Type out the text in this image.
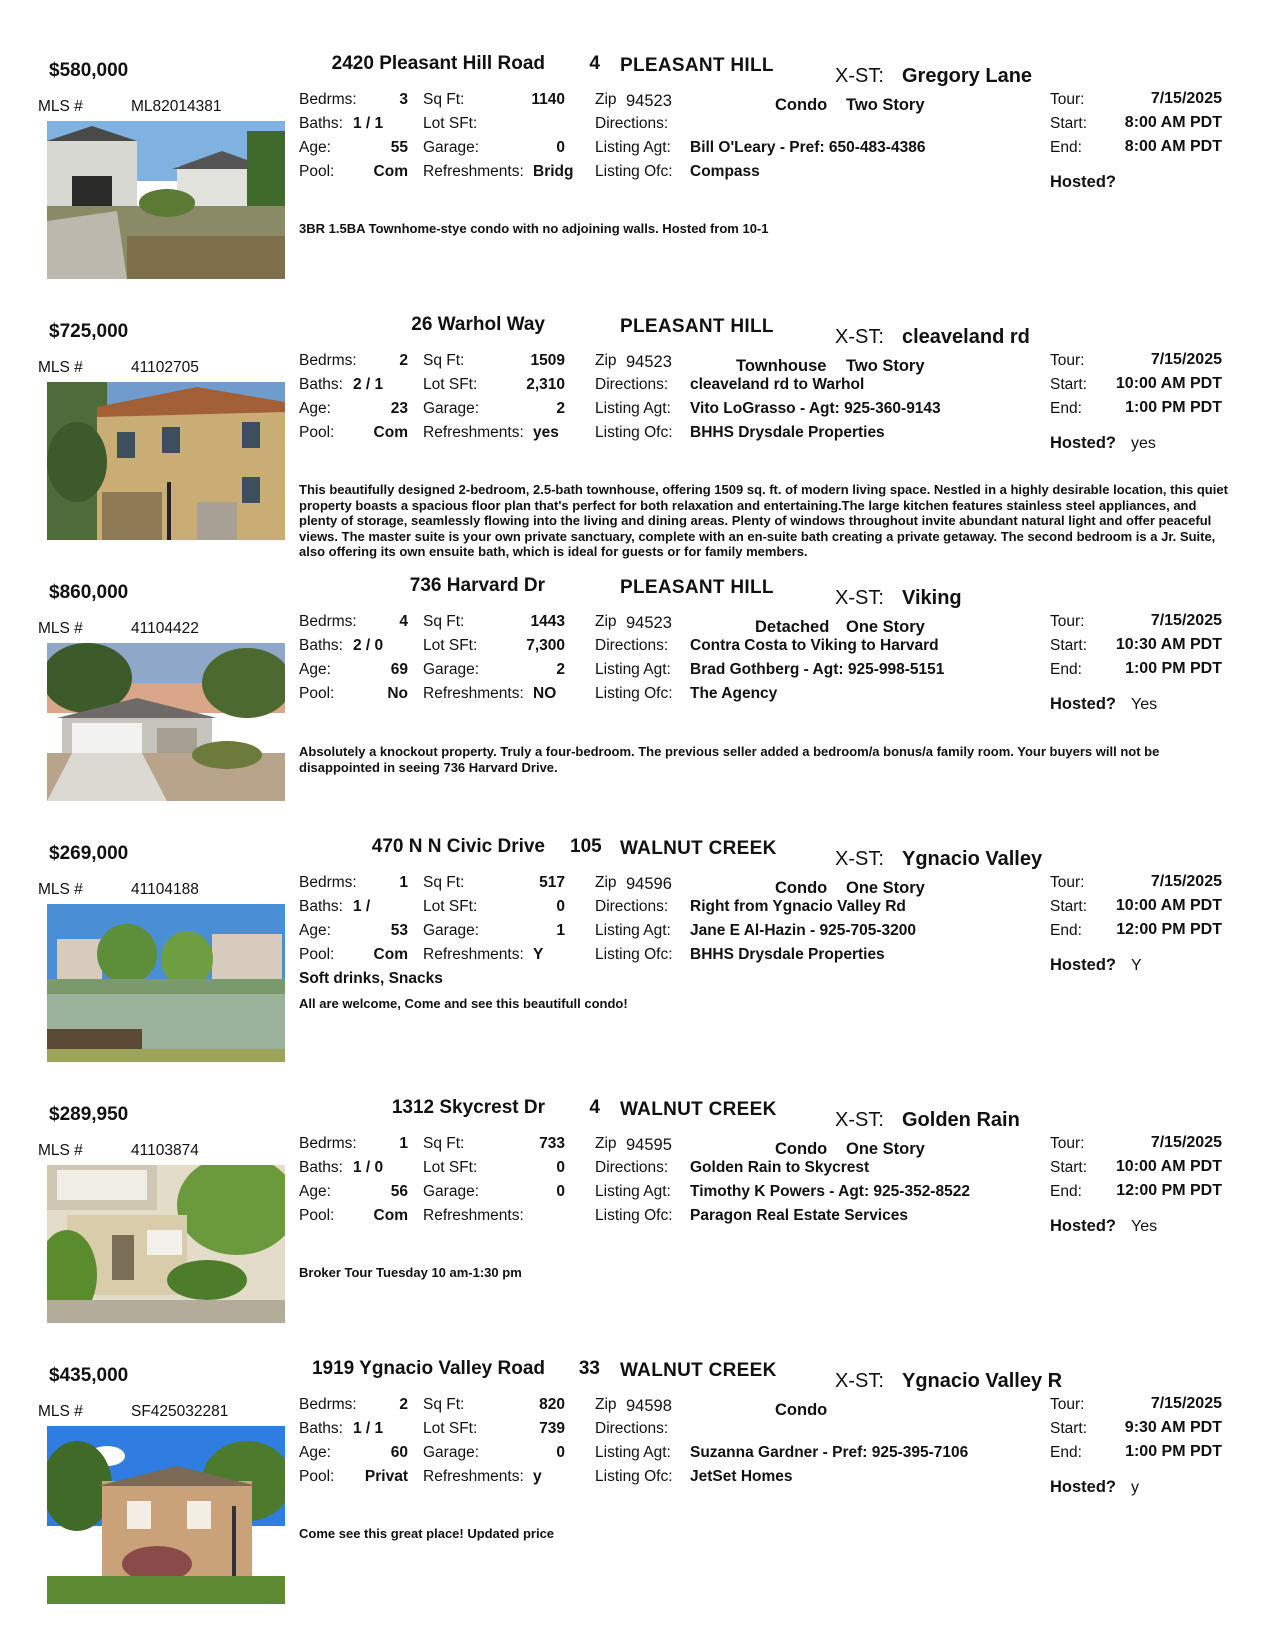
$580,000	2420 Pleasant Hill Road	4 PLEASANT HILL	X-ST: Gregory Lane
MLS #	ML82014381	Bedrms:	3
Baths: 1 / 1
Age:	55
Pool:	Com
Sq Ft:	1140
Lot SFt:
Garage:	0
Refreshments: Bridg
Zip 94523	Condo Two Story
Directions:
Listing Agt: Bill O'Leary - Pref: 650-483-4386
Listing Ofc: Compass
Tour:	7/15/2025
Start:	8:00 AM PDT
End:	8:00 AM PDT
Hosted?
3BR 1.5BA Townhome-stye condo with no adjoining walls. Hosted from 10-1
$725,000	26 Warhol Way	PLEASANT HILL	X-ST: cleaveland rd
MLS #	41102705	Bedrms:	2
Baths: 2 / 1
Age:	23
Pool:	Com
Sq Ft:	1509
Lot SFt:	2,310
Garage:	2
Refreshments: yes
Zip 94523	Townhouse Two Story
Directions: cleaveland rd to Warhol
Listing Agt: Vito LoGrasso - Agt: 925-360-9143
Listing Ofc: BHHS Drysdale Properties
Tour:	7/15/2025
Start:	10:00 AM PDT
End:	1:00 PM PDT
Hosted? yes
This beautifully designed 2-bedroom, 2.5-bath townhouse, offering 1509 sq. ft. of modern living space. Nestled in a highly desirable location, this quiet property boasts a spacious floor plan that's perfect for both relaxation and entertaining.The large kitchen features stainless steel appliances, and plenty of storage, seamlessly flowing into the living and dining areas. Plenty of windows throughout invite abundant natural light and offer peaceful views. The master suite is your own private sanctuary, complete with an en-suite bath creating a private getaway. The second bedroom is a Jr. Suite, also offering its own ensuite bath, which is ideal for guests or for family members.
$860,000	736 Harvard Dr	PLEASANT HILL	X-ST: Viking
MLS #	41104422	Bedrms:	4
Baths: 2 / 0
Age:	69
Pool:	No
Sq Ft:	1443
Lot SFt:	7,300
Garage:	2
Refreshments: NO
Zip 94523	Detached One Story
Directions: Contra Costa to Viking to Harvard
Listing Agt: Brad Gothberg - Agt: 925-998-5151
Listing Ofc: The Agency
Tour:	7/15/2025
Start:	10:30 AM PDT
End:	1:00 PM PDT
Hosted? Yes
Absolutely a knockout property. Truly a four-bedroom. The previous seller added a bedroom/a bonus/a family room. Your buyers will not be disappointed in seeing 736 Harvard Drive.
$269,000	470 N N Civic Drive 105 WALNUT CREEK	X-ST: Ygnacio Valley
MLS #	41104188	Bedrms:	1
Baths: 1 /
Age:	53
Pool:	Com
Sq Ft:	517
Lot SFt:	0
Garage:	1
Refreshments: Y
Zip 94596	Condo One Story
Directions: Right from Ygnacio Valley Rd
Listing Agt: Jane E Al-Hazin - 925-705-3200
Listing Ofc: BHHS Drysdale Properties
Tour:	7/15/2025
Start:	10:00 AM PDT
End:	12:00 PM PDT
Hosted? Y
Soft drinks, Snacks
All are welcome, Come and see this beautifull condo!
$289,950	1312 Skycrest Dr	4 WALNUT CREEK	X-ST: Golden Rain
MLS #	41103874	Bedrms:	1
Baths: 1 / 0
Age:	56
Pool:	Com
Sq Ft:	733
Lot SFt:	0
Garage:	0
Refreshments:
Zip 94595	Condo One Story
Directions: Golden Rain to Skycrest
Listing Agt: Timothy K Powers - Agt: 925-352-8522
Listing Ofc: Paragon Real Estate Services
Tour:	7/15/2025
Start:	10:00 AM PDT
End:	12:00 PM PDT
Hosted? Yes
Broker Tour Tuesday 10 am-1:30 pm
$435,000	1919 Ygnacio Valley Road	33 WALNUT CREEK	X-ST: Ygnacio Valley R
MLS #	SF425032281	Bedrms:	2
Baths: 1 / 1
Age:	60
Pool:	Privat
Sq Ft:	820
Lot SFt:	739
Garage:	0
Refreshments: y
Zip 94598	Condo
Directions:
Listing Agt: Suzanna Gardner - Pref: 925-395-7106
Listing Ofc: JetSet Homes
Tour:	7/15/2025
Start:	9:30 AM PDT
End:	1:00 PM PDT
Hosted? y
Come see this great place! Updated price
